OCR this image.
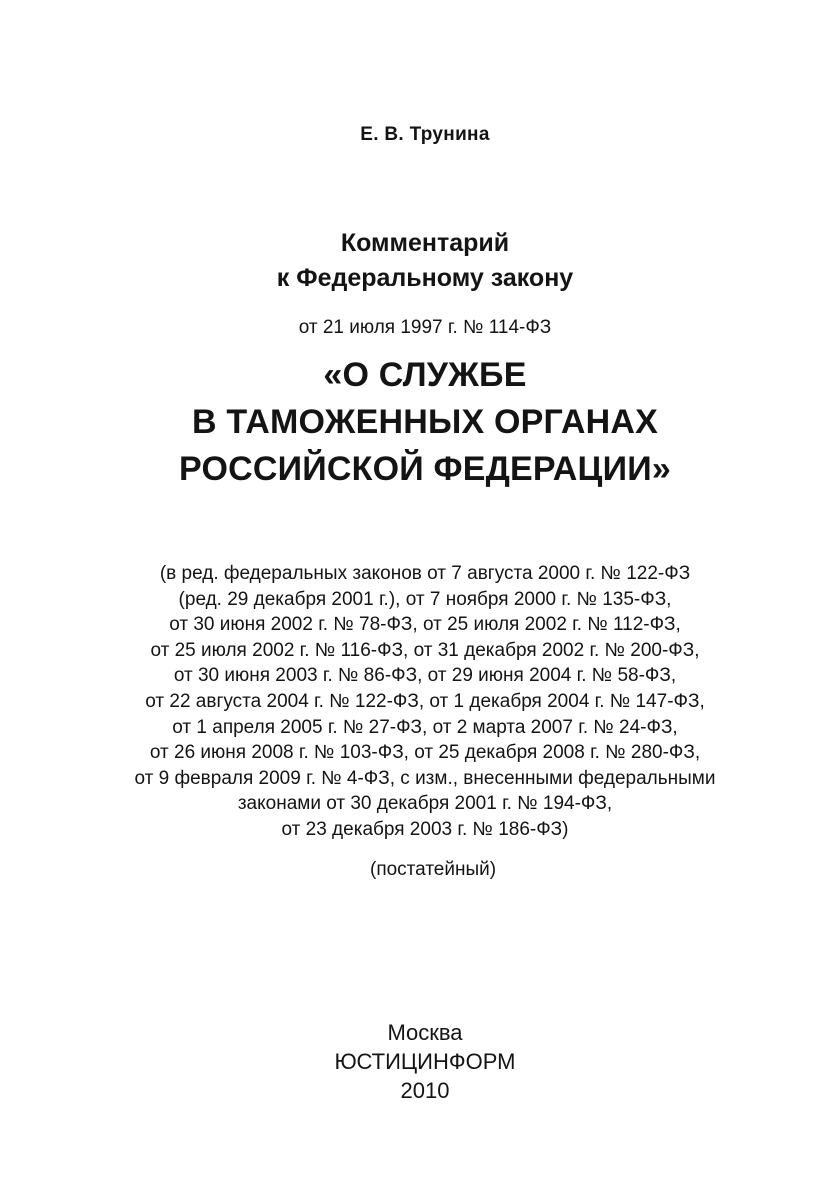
Е. В. Трунина
Комментарий
к Федеральному закону
от 21 июля 1997 г. № 114-ФЗ
«О СЛУЖБЕ
В ТАМОЖЕННЫХ ОРГАНАХ
РОССИЙСКОЙ ФЕДЕРАЦИИ»
(в ред. федеральных законов от 7 августа 2000 г. № 122-ФЗ
(ред. 29 декабря 2001 г.), от 7 ноября 2000 г. № 135-ФЗ,
от 30 июня 2002 г. № 78-ФЗ, от 25 июля 2002 г. № 112-ФЗ,
от 25 июля 2002 г. № 116-ФЗ, от 31 декабря 2002 г. № 200-ФЗ,
от 30 июня 2003 г. № 86-ФЗ, от 29 июня 2004 г. № 58-ФЗ,
от 22 августа 2004 г. № 122-ФЗ, от 1 декабря 2004 г. № 147-ФЗ,
от 1 апреля 2005 г. № 27-ФЗ, от 2 марта 2007 г. № 24-ФЗ,
от 26 июня 2008 г. № 103-ФЗ, от 25 декабря 2008 г. № 280-ФЗ,
от 9 февраля 2009 г. № 4-ФЗ, с изм., внесенными федеральными
законами от 30 декабря 2001 г. № 194-ФЗ,
от 23 декабря 2003 г. № 186-ФЗ)
(постатейный)
Москва
ЮСТИЦИНФОРМ
2010
